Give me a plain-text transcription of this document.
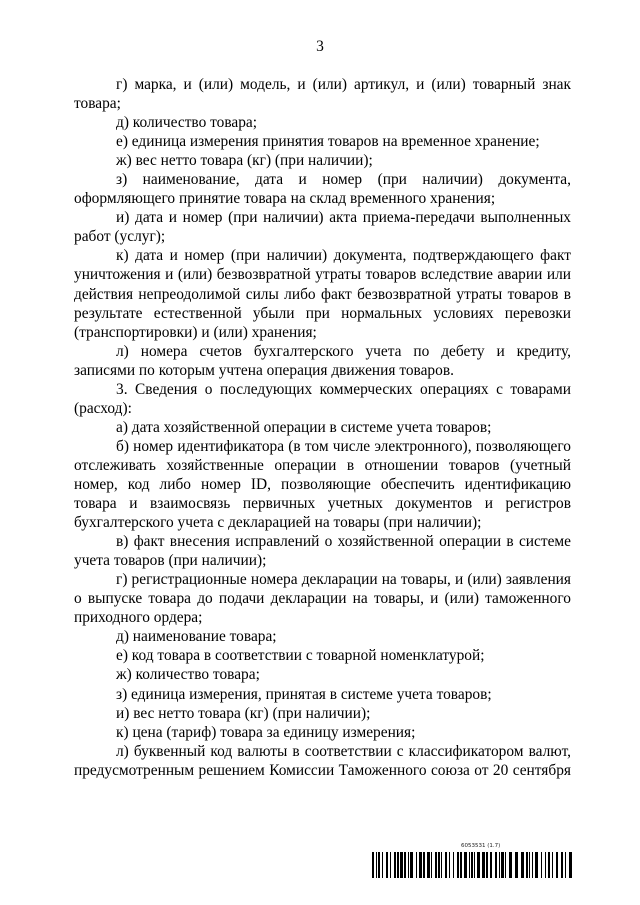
3

г) марка, и (или) модель, и (или) артикул, и (или) товарный знак товара;

д) количество товара;

е) единица измерения принятия товаров на временное хранение;

ж) вес нетто товара (кг) (при наличии);

з) наименование, дата и номер (при наличии) документа, оформляющего принятие товара на склад временного хранения;

и) дата и номер (при наличии) акта приема-передачи выполненных работ (услуг);

к) дата и номер (при наличии) документа, подтверждающего факт уничтожения и (или) безвозвратной утраты товаров вследствие аварии или действия непреодолимой силы либо факт безвозвратной утраты товаров в результате естественной убыли при нормальных условиях перевозки (транспортировки) и (или) хранения;

л) номера счетов бухгалтерского учета по дебету и кредиту, записями по которым учтена операция движения товаров.

3. Сведения о последующих коммерческих операциях с товарами (расход):

а) дата хозяйственной операции в системе учета товаров;

б) номер идентификатора (в том числе электронного), позволяющего отслеживать хозяйственные операции в отношении товаров (учетный номер, код либо номер ID, позволяющие обеспечить идентификацию товара и взаимосвязь первичных учетных документов и регистров бухгалтерского учета с декларацией на товары (при наличии);

в) факт внесения исправлений о хозяйственной операции в системе учета товаров (при наличии);

г) регистрационные номера декларации на товары, и (или) заявления о выпуске товара до подачи декларации на товары, и (или) таможенного приходного ордера;

д) наименование товара;

е) код товара в соответствии с товарной номенклатурой;

ж) количество товара;

з) единица измерения, принятая в системе учета товаров;

и) вес нетто товара (кг) (при наличии);

к) цена (тариф) товара за единицу измерения;

л) буквенный код валюты в соответствии с классификатором валют, предусмотренным решением Комиссии Таможенного союза от 20 сентября

6053531 (1.7)
